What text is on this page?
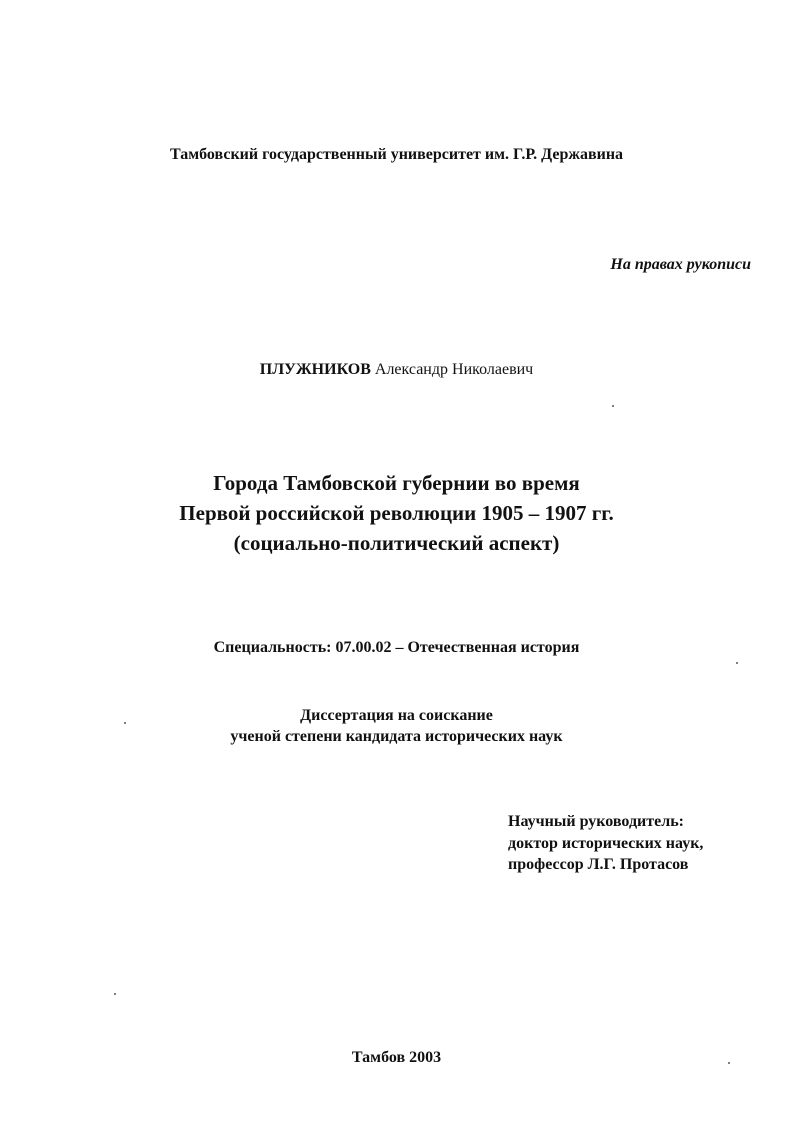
Тамбовский государственный университет им. Г.Р. Державина
На правах рукописи
ПЛУЖНИКОВ Александр Николаевич
Города Тамбовской губернии во время
Первой российской революции 1905 – 1907 гг.
(социально-политический аспект)
Специальность: 07.00.02 – Отечественная история
Диссертация на соискание
ученой степени кандидата исторических наук
Научный руководитель:
доктор исторических наук,
профессор Л.Г. Протасов
Тамбов 2003
